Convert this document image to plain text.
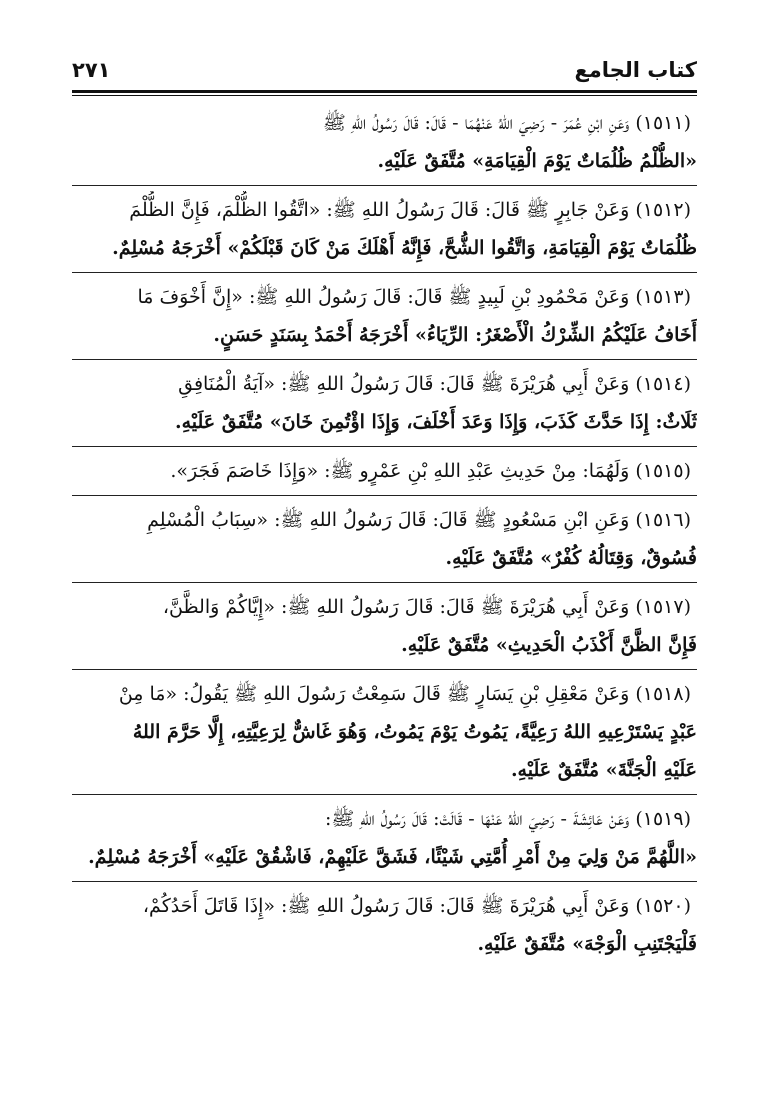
كتاب الجامع
٢٧١
(١٥١١) وَعَنِ ابْنِ عُمَرَ - رَضِيَ اللهُ عَنْهُمَا - قَالَ: قَالَ رَسُولُ اللهِ ﷺ
«الظُّلْمُ ظُلُمَاتٌ يَوْمَ الْقِيَامَةِ» مُتَّفَقٌ عَلَيْهِ.
(١٥١٢) وَعَنْ جَابِرٍ ﷺ قَالَ: قَالَ رَسُولُ اللهِ ﷺ: «اتَّقُوا الظُّلْمَ، فَإِنَّ الظُّلْمَ
ظُلُمَاتٌ يَوْمَ الْقِيَامَةِ، وَاتَّقُوا الشُّحَّ، فَإِنَّهُ أَهْلَكَ مَنْ كَانَ قَبْلَكُمْ» أَخْرَجَهُ مُسْلِمٌ.
(١٥١٣) وَعَنْ مَحْمُودِ بْنِ لَبِيدٍ ﷺ قَالَ: قَالَ رَسُولُ اللهِ ﷺ: «إِنَّ أَخْوَفَ مَا
أَخَافُ عَلَيْكُمُ الشِّرْكُ الْأَصْغَرُ: الرِّيَاءُ» أَخْرَجَهُ أَحْمَدُ بِسَنَدٍ حَسَنٍ.
(١٥١٤) وَعَنْ أَبِي هُرَيْرَةَ ﷺ قَالَ: قَالَ رَسُولُ اللهِ ﷺ: «آيَةُ الْمُنَافِقِ
ثَلَاثٌ: إِذَا حَدَّثَ كَذَبَ، وَإِذَا وَعَدَ أَخْلَفَ، وَإِذَا اؤْتُمِنَ خَانَ» مُتَّفَقٌ عَلَيْهِ.
(١٥١٥) وَلَهُمَا: مِنْ حَدِيثِ عَبْدِ اللهِ بْنِ عَمْرٍو ﷺ: «وَإِذَا خَاصَمَ فَجَرَ».
(١٥١٦) وَعَنِ ابْنِ مَسْعُودٍ ﷺ قَالَ: قَالَ رَسُولُ اللهِ ﷺ: «سِبَابُ الْمُسْلِمِ
فُسُوقٌ، وَقِتَالُهُ كُفْرٌ» مُتَّفَقٌ عَلَيْهِ.
(١٥١٧) وَعَنْ أَبِي هُرَيْرَةَ ﷺ قَالَ: قَالَ رَسُولُ اللهِ ﷺ: «إِيَّاكُمْ وَالظَّنَّ،
فَإِنَّ الظَّنَّ أَكْذَبُ الْحَدِيثِ» مُتَّفَقٌ عَلَيْهِ.
(١٥١٨) وَعَنْ مَعْقِلِ بْنِ يَسَارٍ ﷺ قَالَ سَمِعْتُ رَسُولَ اللهِ ﷺ يَقُولُ: «مَا مِنْ
عَبْدٍ يَسْتَرْعِيهِ اللهُ رَعِيَّةً، يَمُوتُ يَوْمَ يَمُوتُ، وَهُوَ غَاشٌّ لِرَعِيَّتِهِ، إِلَّا حَرَّمَ اللهُ
عَلَيْهِ الْجَنَّةَ» مُتَّفَقٌ عَلَيْهِ.
(١٥١٩) وَعَنْ عَائِشَةَ - رَضِيَ اللهُ عَنْهَا - قَالَتْ: قَالَ رَسُولُ اللهِ ﷺ:
«اللَّهُمَّ مَنْ وَلِيَ مِنْ أَمْرِ أُمَّتِي شَيْئًا، فَشَقَّ عَلَيْهِمْ، فَاشْقُقْ عَلَيْهِ» أَخْرَجَهُ مُسْلِمٌ.
(١٥٢٠) وَعَنْ أَبِي هُرَيْرَةَ ﷺ قَالَ: قَالَ رَسُولُ اللهِ ﷺ: «إِذَا قَاتَلَ أَحَدُكُمْ،
فَلْيَجْتَنِبِ الْوَجْهَ» مُتَّفَقٌ عَلَيْهِ.
